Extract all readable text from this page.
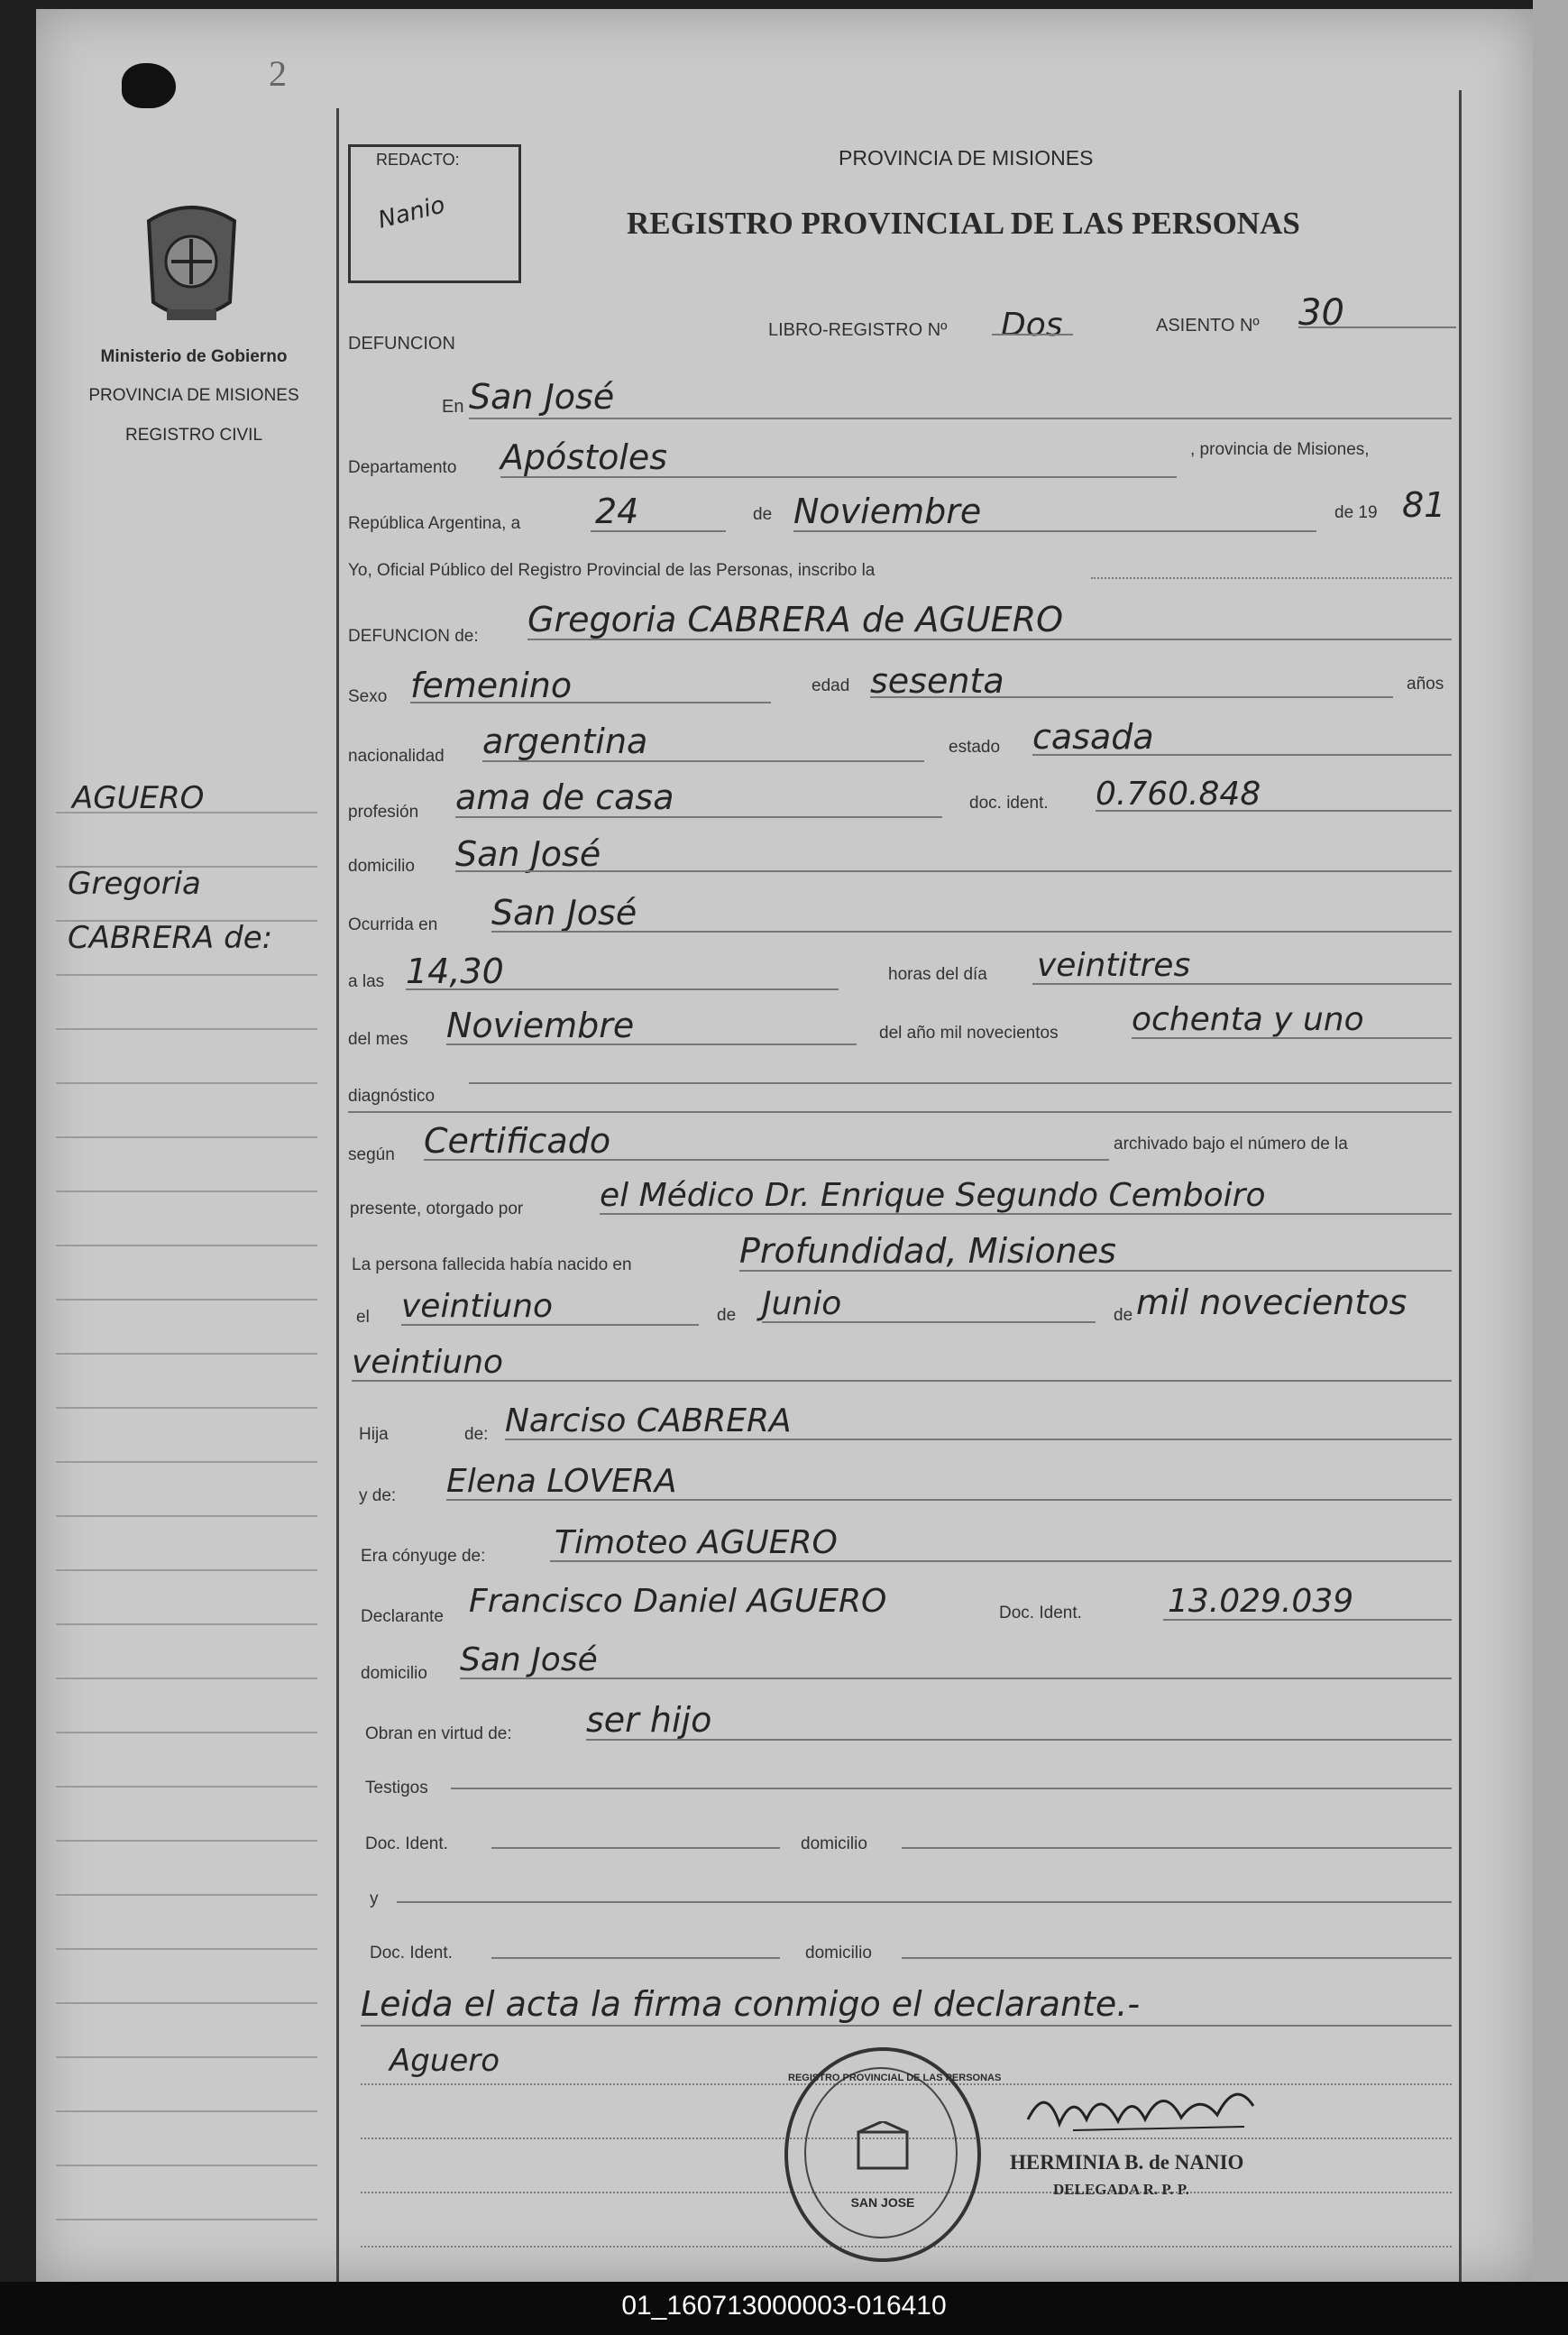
2
Ministerio de Gobierno
PROVINCIA DE MISIONES
REGISTRO CIVIL
REDACTO:
Nanio
PROVINCIA DE MISIONES
REGISTRO PROVINCIAL DE LAS PERSONAS
AGUERO
Gregoria
CABRERA de:
DEFUNCION
LIBRO-REGISTRO Nº Dos	ASIENTO Nº 30
En San José
Departamento Apóstoles	, provincia de Misiones,
República Argentina, a 24	de Noviembre	de 19 81
Yo, Oficial Público del Registro Provincial de las Personas, inscribo la
DEFUNCION de: Gregoria CABRERA de AGUERO
Sexo femenino	edad sesenta	años
nacionalidad argentina	estado casada
profesión ama de casa	doc. ident. 0.760.848
domicilio San José
Ocurrida en San José
a las 14,30	horas del día veintitres
del mes Noviembre	del año mil novecientos ochenta y uno
diagnóstico
según Certificado	archivado bajo el número de la
presente, otorgado por el Médico Dr. Enrique Segundo Cemboiro
La persona fallecida había nacido en	Profundidad, Misiones
el veintiuno	de Junio	de mil novecientos
veintiuno
Hija	de: Narciso CABRERA
y de: Elena LOVERA
Era cónyuge de: Timoteo AGUERO
Declarante Francisco Daniel AGUERO	Doc. Ident.	13.029.039
domicilio San José
Obran en virtud de: ser hijo
Testigos
Doc. Ident.	domicilio
y
Doc. Ident.	domicilio
Leida el acta la firma conmigo el declarante.-
Aguero	REGISTRO PROVINCIAL DE LAS PERSONAS
SAN JOSE
HERMINIA B. de NANIO
DELEGADA R. P. P.
01_160713000003-016410
